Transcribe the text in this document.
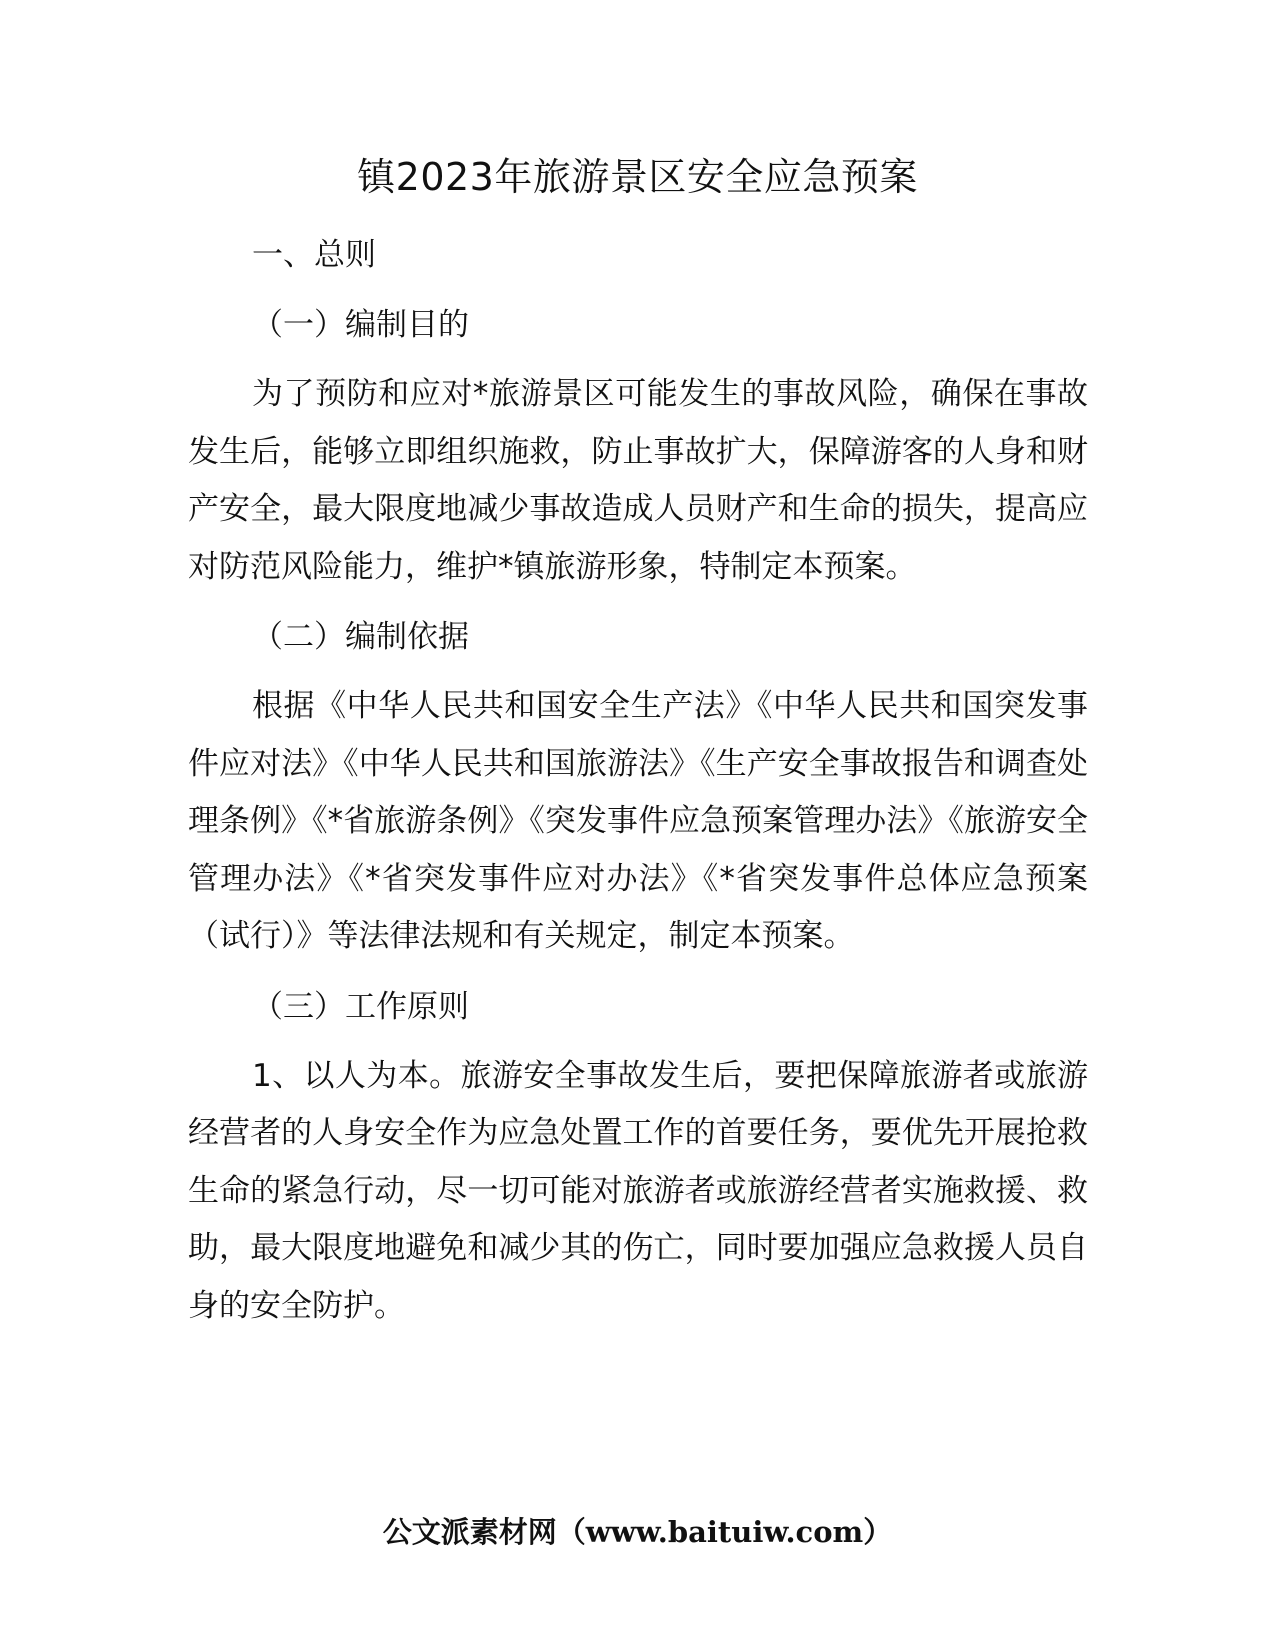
镇2023年旅游景区安全应急预案
一、总则
（一）编制目的

为了预防和应对*旅游景区可能发生的事故风险，确保在事故发生后，能够立即组织施救，防止事故扩大，保障游客的人身和财产安全，最大限度地减少事故造成人员财产和生命的损失，提高应对防范风险能力，维护*镇旅游形象，特制定本预案。

（二）编制依据

根据《中华人民共和国安全生产法》《中华人民共和国突发事件应对法》《中华人民共和国旅游法》《生产安全事故报告和调查处理条例》《*省旅游条例》《突发事件应急预案管理办法》《旅游安全管理办法》《*省突发事件应对办法》《*省突发事件总体应急预案（试行）》等法律法规和有关规定，制定本预案。

（三）工作原则

1、以人为本。旅游安全事故发生后，要把保障旅游者或旅游经营者的人身安全作为应急处置工作的首要任务，要优先开展抢救生命的紧急行动，尽一切可能对旅游者或旅游经营者实施救援、救助，最大限度地避免和减少其的伤亡，同时要加强应急救援人员自身的安全防护。

公文派素材网（www.baituiw.com）
